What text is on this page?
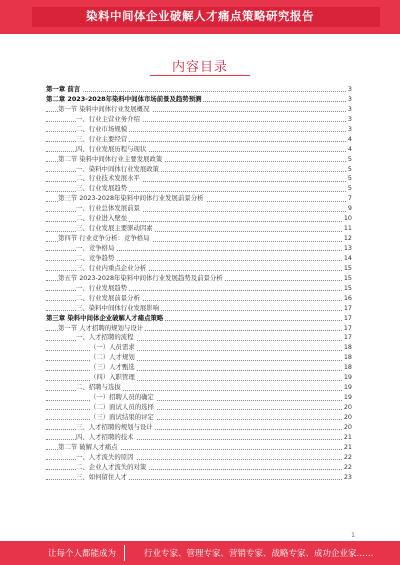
染料中间体企业破解人才痛点策略研究报告
内容目录
第一章 前言	3
第二章 2023-2028年染料中间体市场前景及趋势预测	3
第一节 染料中间体行业发展概况	3
一、行业主营业务介绍	3
二、行业市场规模	3
三、行业主要经营	4
四、行业发展历程与现状	4
第二节 染料中间体行业主要发展政策	5
一、染料中间体行业发展政策	5
二、行业技术发展水平	5
三、行业发展趋势	5
第三节 2023-2028年染料中间体行业发展前景分析	7
一、行业总体发展前景	9
二、行业进入壁垒	10
三、行业发展主要驱动因素	11
第四节 行业竞争分析：竞争格局	12
一、竞争格局	13
二、竞争趋势	14
三、行业内重点企业分析	15
第五节 2023-2028年染料中间体行业发展趋势及前景分析	15
一、行业发展趋势	15
二、行业发展前景分析	16
三、染料中间体行业发展影响	17
第三章 染料中间体企业破解人才痛点策略	17
第一节 人才招聘的规划与设计	17
一、人才招聘的流程	17
（一）人员需求	18
（二）人才规划	18
（三）人才甄选	18
（四）入职管理	19
二、招聘与选拔	19
（一）招聘人员的确定	19
（二）面试人员的选择	20
（三）面试结果的评定	20
三、人才招聘的规划与设计	20
四、人才招聘的技术	21
第二节 破解人才痛点	21
一、人才流失的原因	22
二、企业人才流失的对策	22
三、如何留住人才	23
1
让每个人都能成为	行业专家、管理专家、营销专家、战略专家、成功企业家……
